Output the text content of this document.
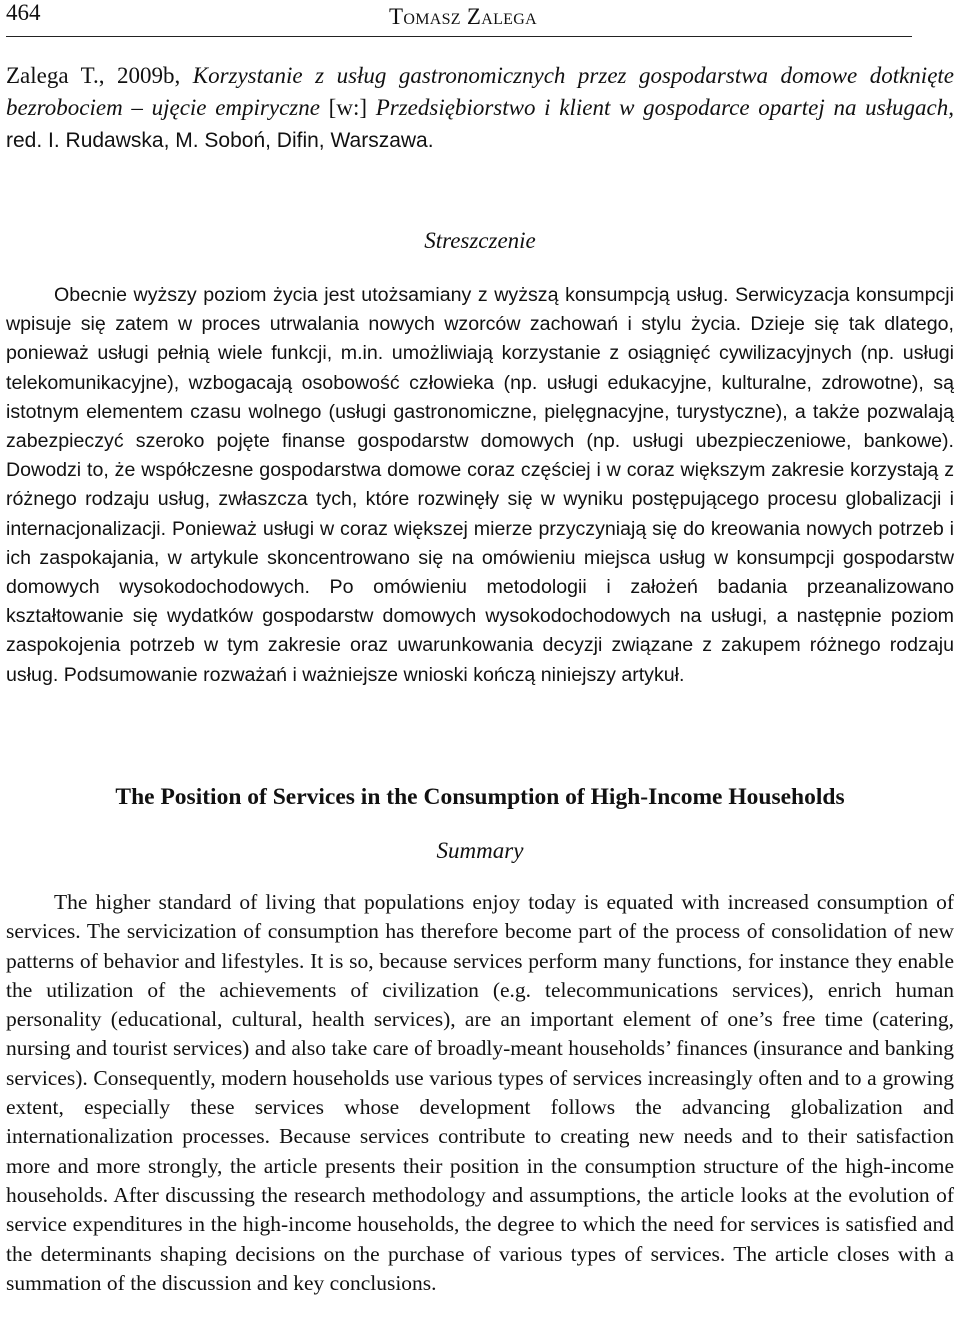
464	Tomasz Zalega
Zalega T., 2009b, Korzystanie z usług gastronomicznych przez gospodarstwa domowe dotknięte bezrobociem – ujęcie empiryczne [w:] Przedsiębiorstwo i klient w gospodarce opartej na usługach, red. I. Rudawska, M. Soboń, Difin, Warszawa.
Streszczenie
Obecnie wyższy poziom życia jest utożsamiany z wyższą konsumpcją usług. Serwicyzacja konsumpcji wpisuje się zatem w proces utrwalania nowych wzorców zachowań i stylu życia. Dzieje się tak dlatego, ponieważ usługi pełnią wiele funkcji, m.in. umożliwiają korzystanie z osiągnięć cywilizacyjnych (np. usługi telekomunikacyjne), wzbogacają osobowość człowieka (np. usługi edukacyjne, kulturalne, zdrowotne), są istotnym elementem czasu wolnego (usługi gastronomiczne, pielęgnacyjne, turystyczne), a także pozwalają zabezpieczyć szeroko pojęte finanse gospodarstw domowych (np. usługi ubezpieczeniowe, bankowe). Dowodzi to, że współczesne gospodarstwa domowe coraz częściej i w coraz większym zakresie korzystają z różnego rodzaju usług, zwłaszcza tych, które rozwinęły się w wyniku postępującego procesu globalizacji i internacjonalizacji. Ponieważ usługi w coraz większej mierze przyczyniają się do kreowania nowych potrzeb i ich zaspokajania, w artykule skoncentrowano się na omówieniu miejsca usług w konsumpcji gospodarstw domowych wysokodochodowych. Po omówieniu metodologii i założeń badania przeanalizowano kształtowanie się wydatków gospodarstw domowych wysokodochodowych na usługi, a następnie poziom zaspokojenia potrzeb w tym zakresie oraz uwarunkowania decyzji związane z zakupem różnego rodzaju usług. Podsumowanie rozważań i ważniejsze wnioski kończą niniejszy artykuł.
The Position of Services in the Consumption of High-Income Households
Summary
The higher standard of living that populations enjoy today is equated with increased consumption of services. The servicization of consumption has therefore become part of the process of consolidation of new patterns of behavior and lifestyles. It is so, because services perform many functions, for instance they enable the utilization of the achievements of civilization (e.g. telecommunications services), enrich human personality (educational, cultural, health services), are an important element of one’s free time (catering, nursing and tourist services) and also take care of broadly-meant households’ finances (insurance and banking services). Consequently, modern households use various types of services increasingly often and to a growing extent, especially these services whose development follows the advancing globalization and internationalization processes. Because services contribute to creating new needs and to their satisfaction more and more strongly, the article presents their position in the consumption structure of the high-income households. After discussing the research methodology and assumptions, the article looks at the evolution of service expenditures in the high-income households, the degree to which the need for services is satisfied and the determinants shaping decisions on the purchase of various types of services. The article closes with a summation of the discussion and key conclusions.
